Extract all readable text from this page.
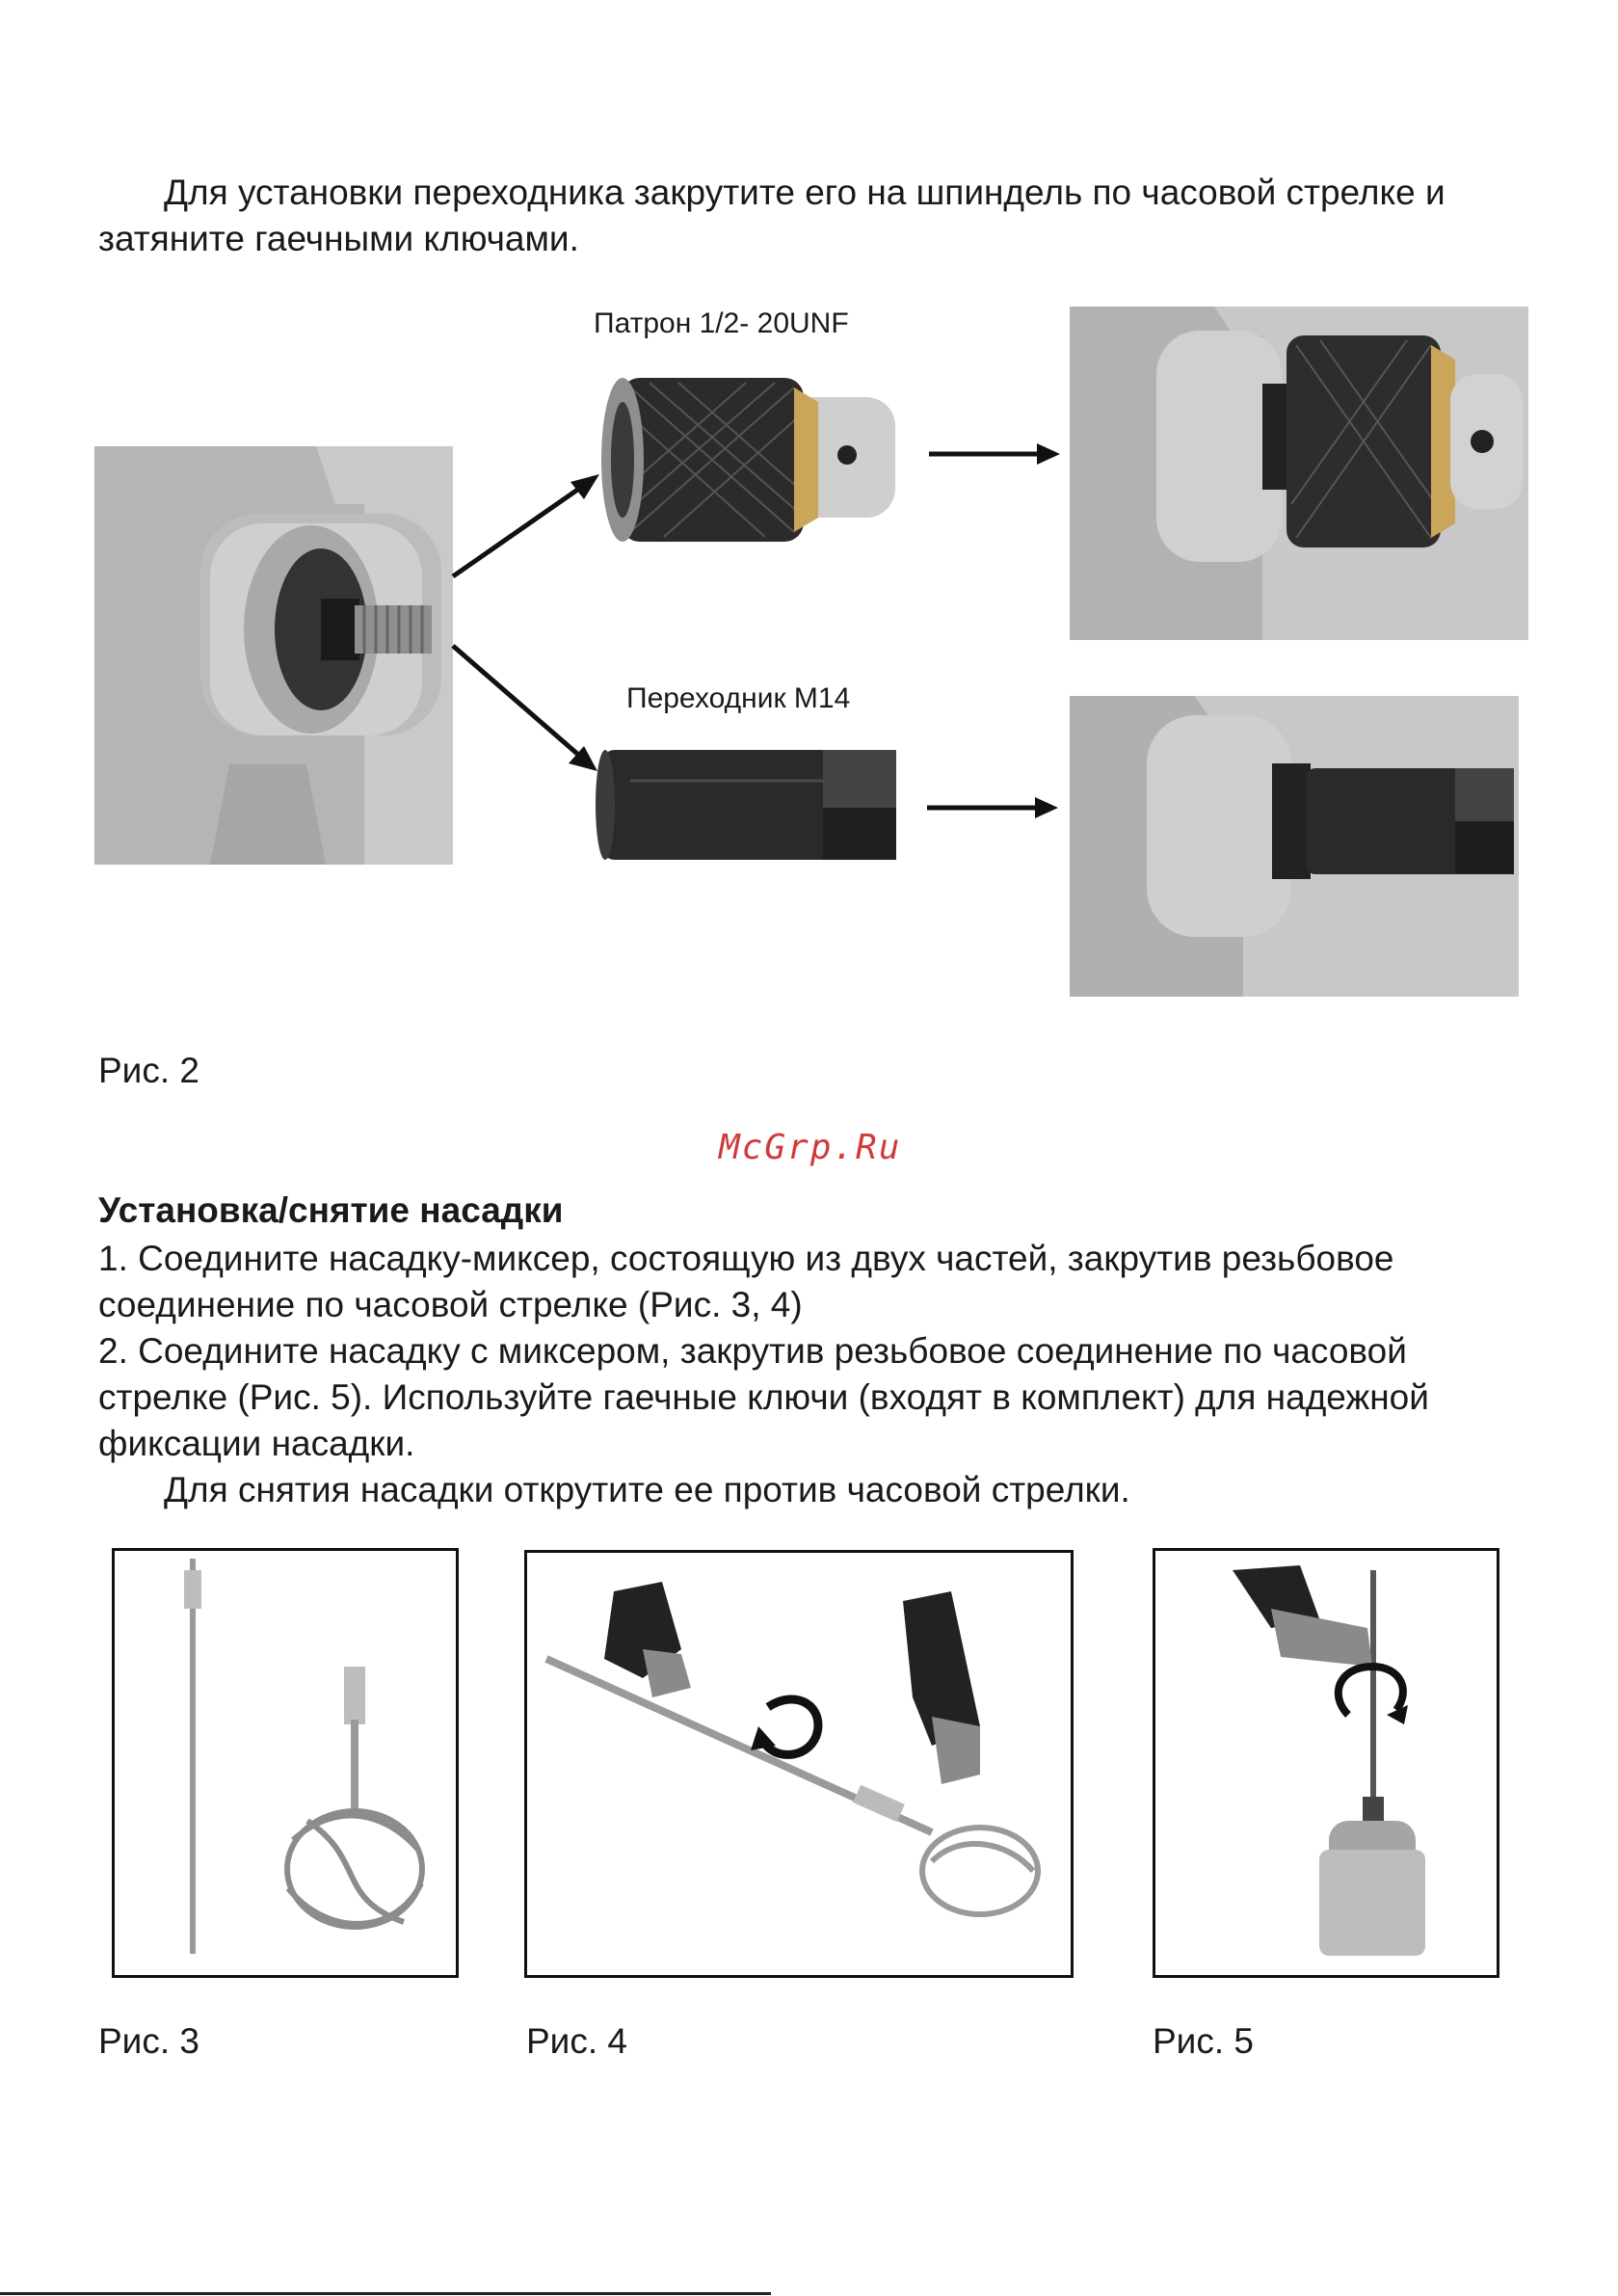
Для установки переходника закрутите его на шпиндель по часовой стрелке и
затяните гаечными ключами.
Патрон 1/2- 20UNF
Переходник М14
Рис. 2
McGrp.Ru
Установка/снятие насадки
1. Соедините насадку-миксер, состоящую из двух частей, закрутив резьбовое
соединение по часовой стрелке (Рис. 3, 4)
2. Соедините насадку с миксером, закрутив резьбовое соединение по часовой
стрелке (Рис. 5). Используйте гаечные ключи (входят в комплект) для надежной
фиксации насадки.
Для снятия насадки открутите ее против часовой стрелки.
Рис. 3	Рис. 4	Рис. 5
